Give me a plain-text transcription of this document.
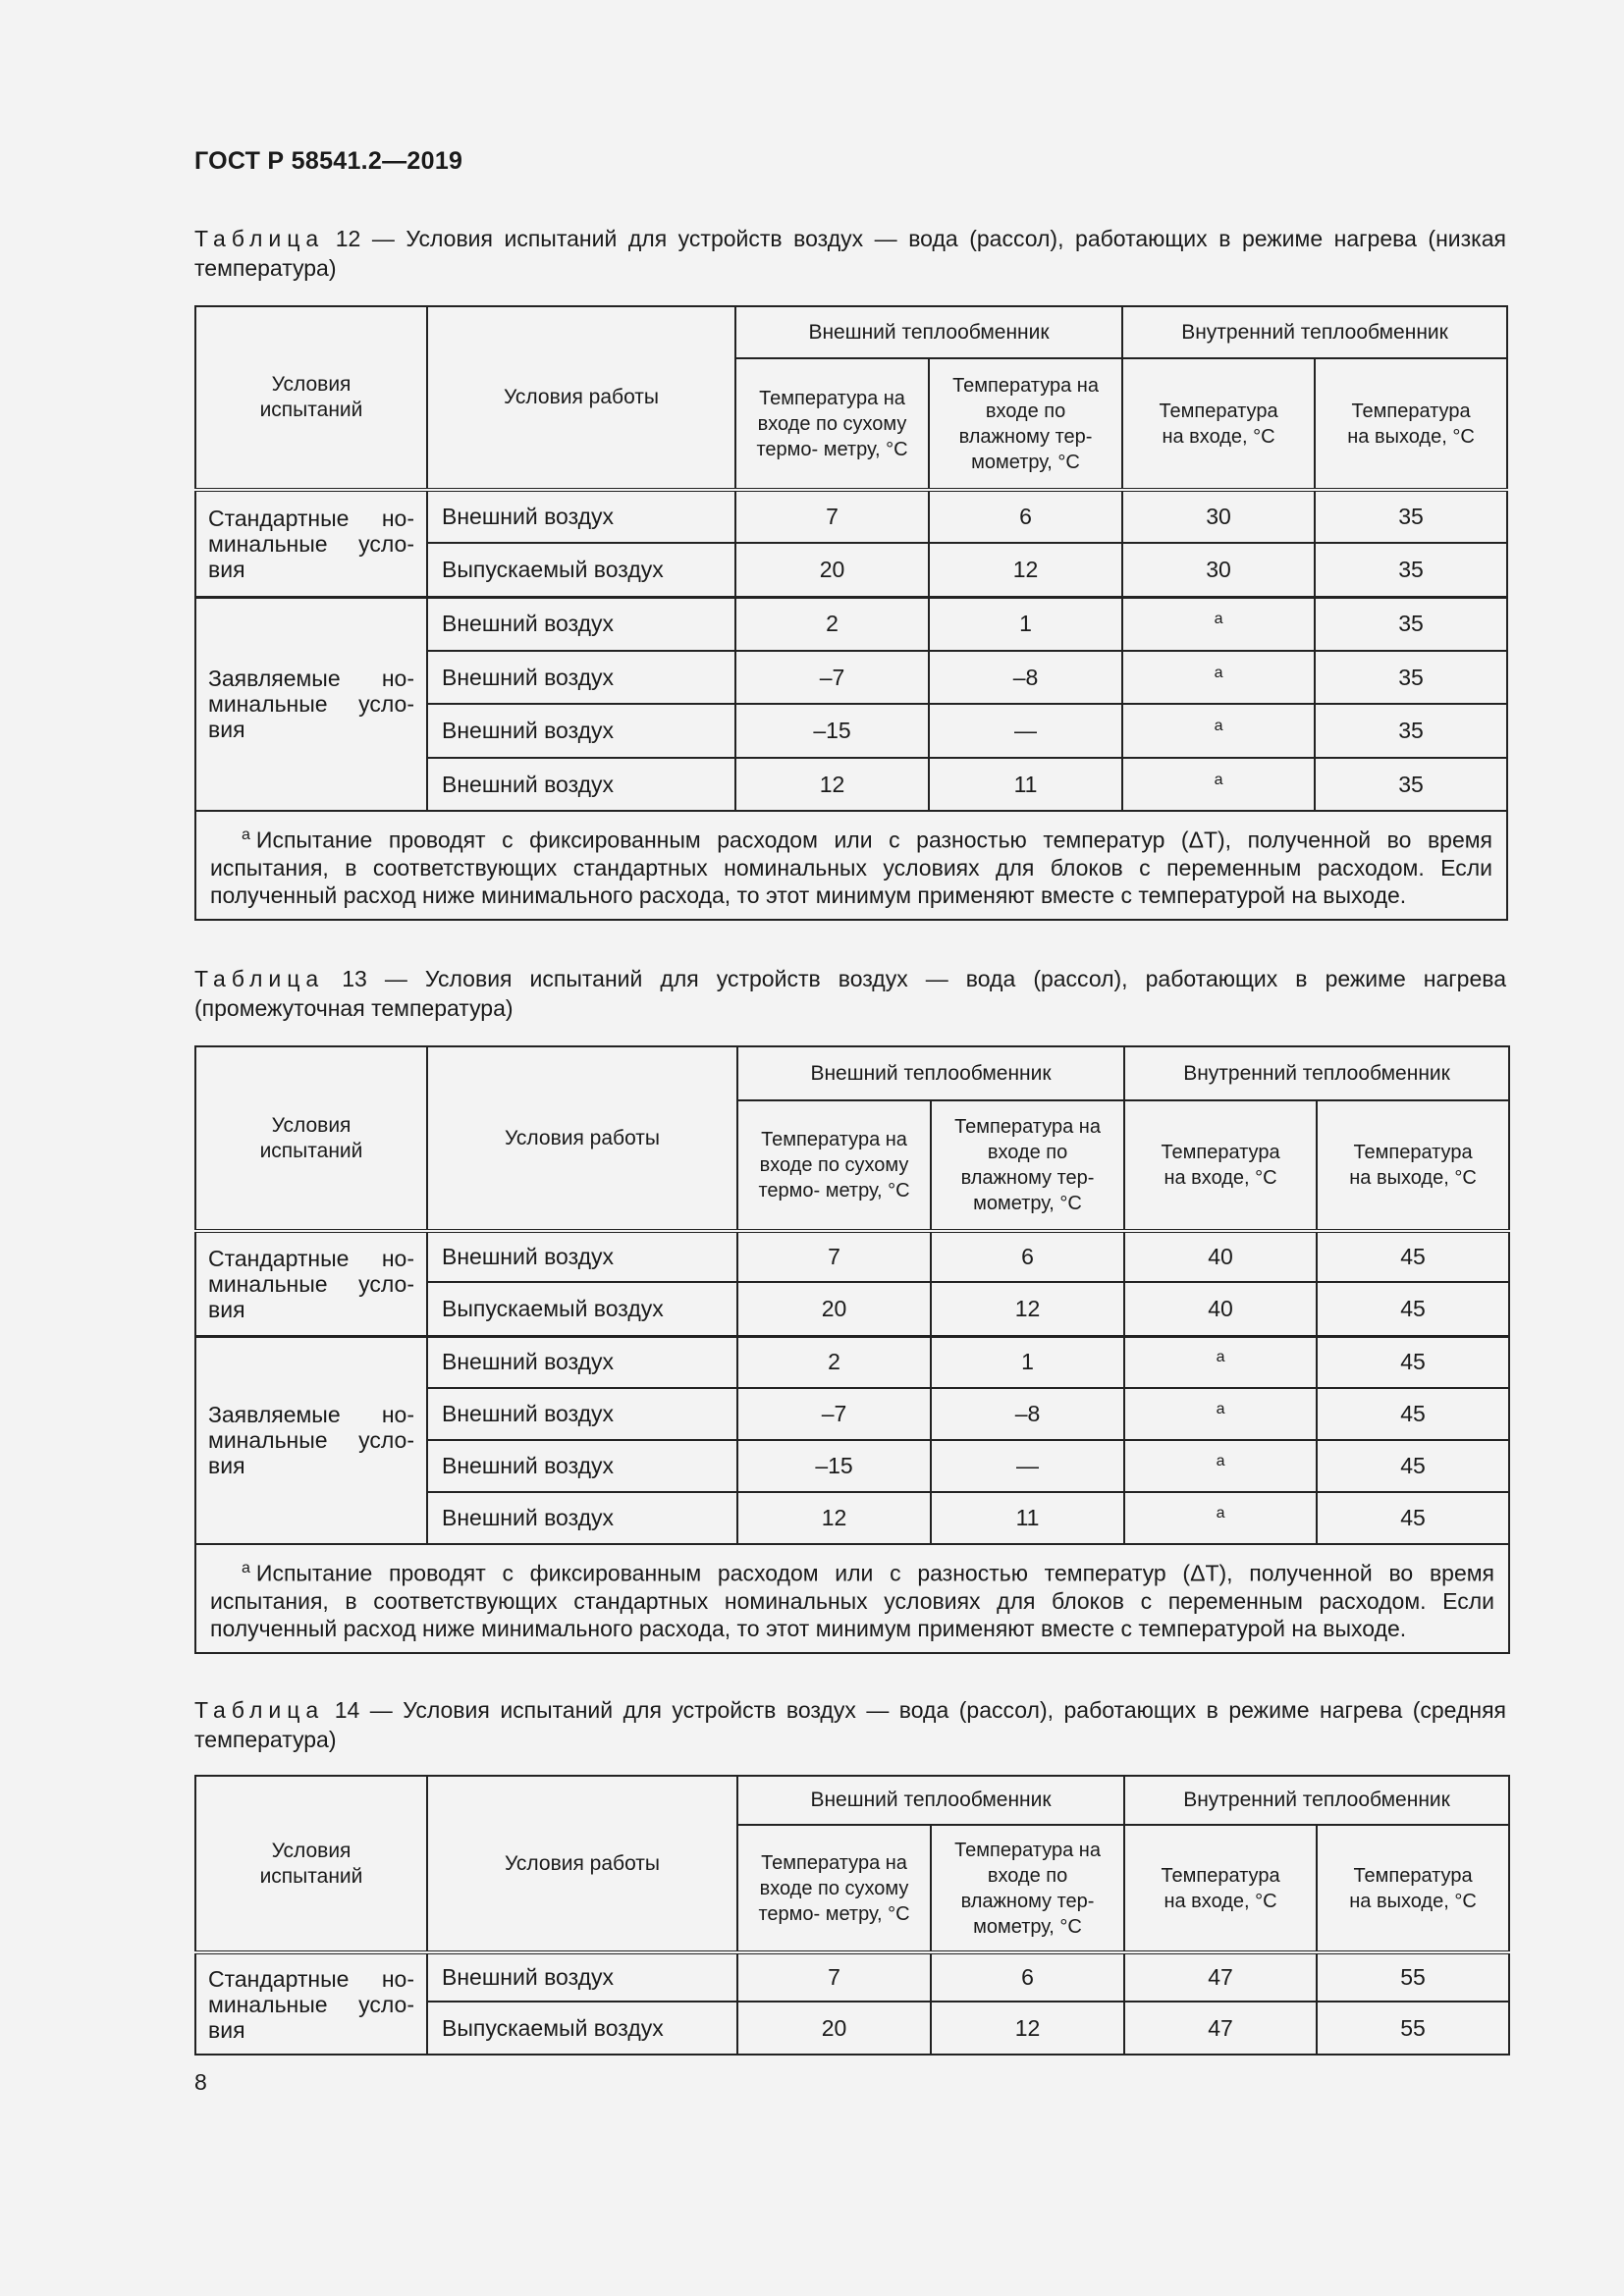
ГОСТ Р 58541.2—2019
Таблица 12 — Условия испытаний для устройств воздух — вода (рассол), работающих в режиме нагрева (низкая температура)
Условия испытаний	Условия работы	Внешний теплообменник		Внутренний теплообменник	
		Температура на входе по сухому термо- метру, °С	Температура на входе по влажному тер- мометру, °С	Температура на входе, °С	Температура на выходе, °С
Стандартные но- минальные усло- вия	Внешний воздух	7	6	30	35
	Выпускаемый воздух	20	12	30	35
Заявляемые но- минальные усло- вия	Внешний воздух	2	1	$^a$	35
	Внешний воздух	–7	–8	$^a$	35
	Внешний воздух	–15	—	$^a$	35
	Внешний воздух	12	11	$^a$	35
$^a$ Испытание проводят с фиксированным расходом или с разностью температур (ΔT), полученной во время испытания, в соответствующих стандартных номинальных условиях для блоков с переменным расходом. Если полученный расход ниже минимального расхода, то этот минимум применяют вместе с температурой на выходе.					
Таблица 13 — Условия испытаний для устройств воздух — вода (рассол), работающих в режиме нагрева (промежуточная температура)
Условия испытаний	Условия работы	Внешний теплообменник		Внутренний теплообменник	
		Температура на входе по сухому термо- метру, °С	Температура на входе по влажному тер- мометру, °С	Температура на входе, °С	Температура на выходе, °С
Стандартные но- минальные усло- вия	Внешний воздух	7	6	40	45
	Выпускаемый воздух	20	12	40	45
Заявляемые но- минальные усло- вия	Внешний воздух	2	1	$^a$	45
	Внешний воздух	–7	–8	$^a$	45
	Внешний воздух	–15	—	$^a$	45
	Внешний воздух	12	11	$^a$	45
$^a$ Испытание проводят с фиксированным расходом или с разностью температур (ΔT), полученной во время испытания, в соответствующих стандартных номинальных условиях для блоков с переменным расходом. Если полученный расход ниже минимального расхода, то этот минимум применяют вместе с температурой на выходе.					
Таблица 14 — Условия испытаний для устройств воздух — вода (рассол), работающих в режиме нагрева (средняя температура)
Условия испытаний	Условия работы	Внешний теплообменник		Внутренний теплообменник	
		Температура на входе по сухому термо- метру, °С	Температура на входе по влажному тер- мометру, °С	Температура на входе, °С	Температура на выходе, °С
Стандартные но- минальные усло- вия	Внешний воздух	7	6	47	55
	Выпускаемый воздух	20	12	47	55
8
